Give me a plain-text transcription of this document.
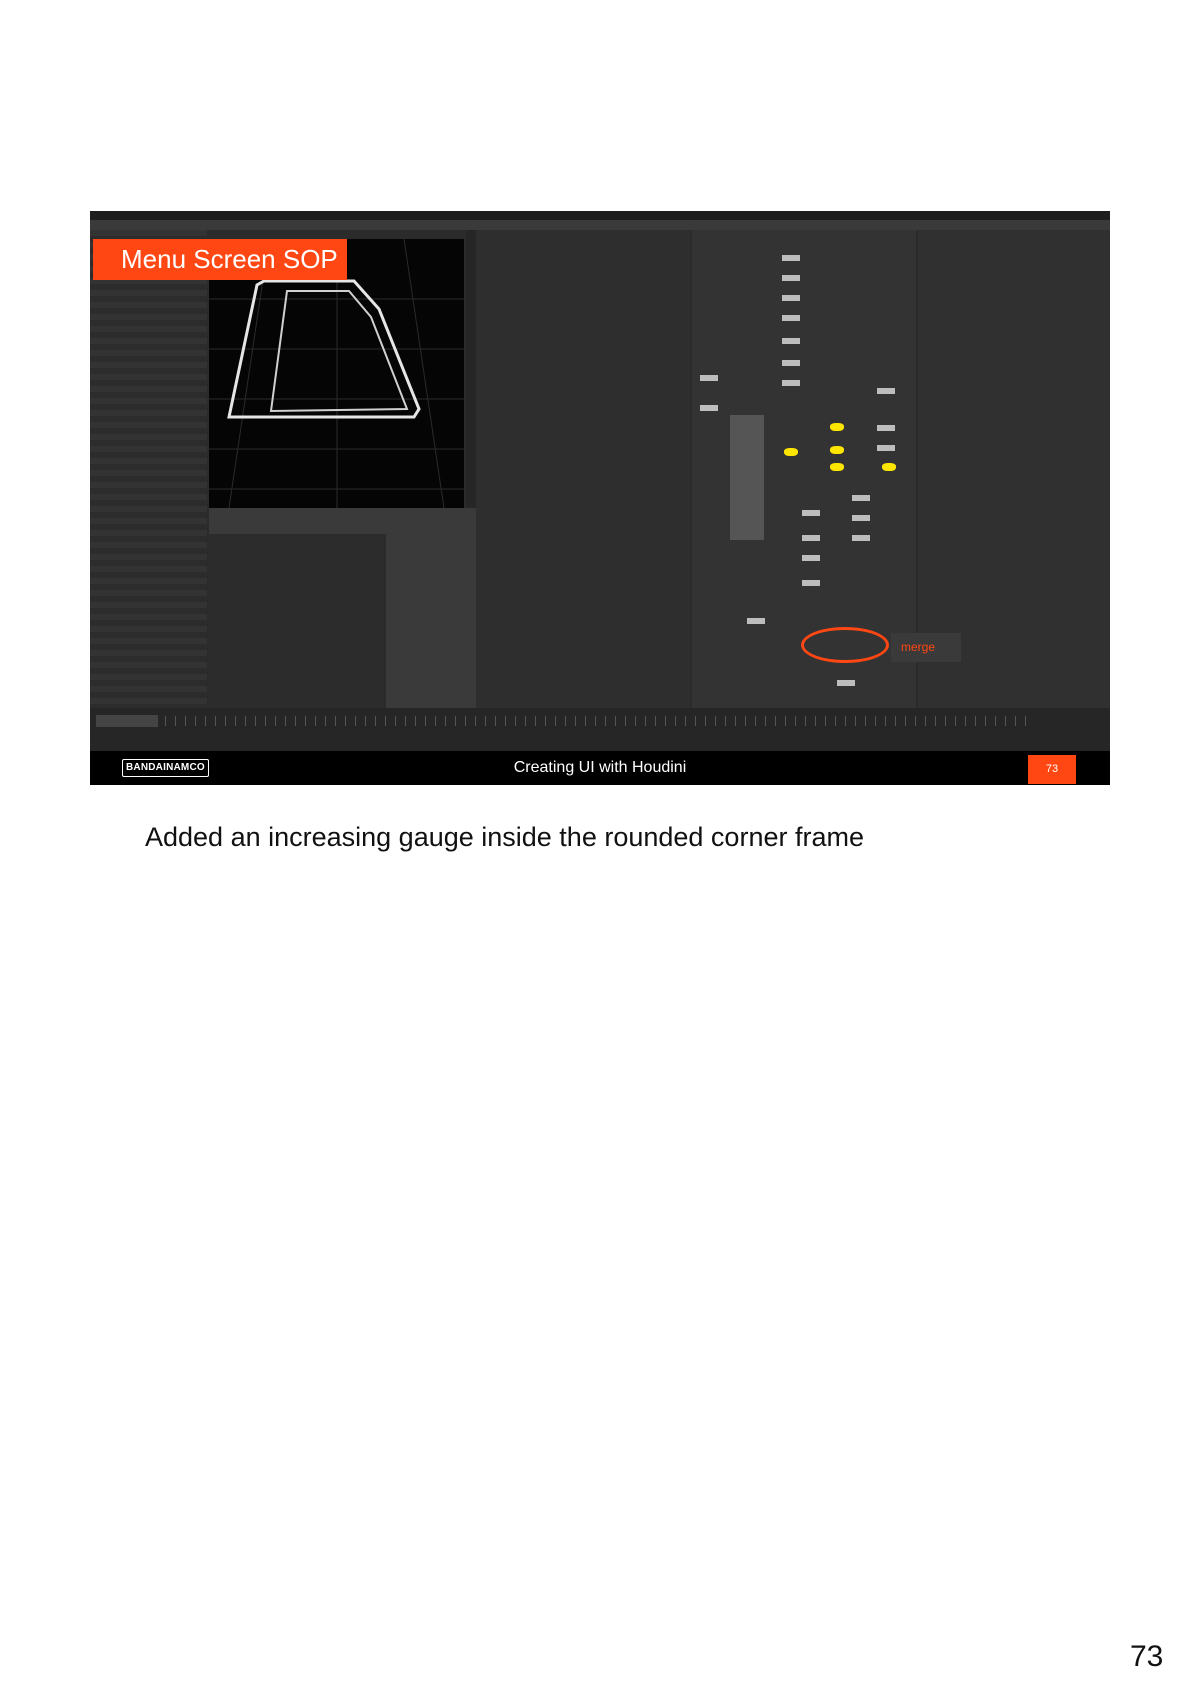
Menu Screen SOP
merge
BANDAINAMCO	Creating UI with Houdini	73
Added an increasing gauge inside the rounded corner frame
73
